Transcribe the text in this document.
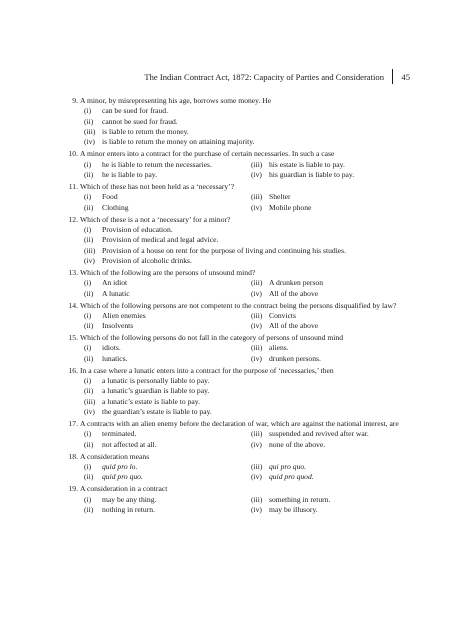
The Indian Contract Act, 1872: Capacity of Parties and Consideration 45
9. A minor, by misrepresenting his age, borrows some money. He
(i) can be sued for fraud.
(ii) cannot be sued for fraud.
(iii) is liable to return the money.
(iv) is liable to return the money on attaining majority.
10. A minor enters into a contract for the purchase of certain necessaries. In such a case
(i) he is liable to return the necessaries.	(iii) his estate is liable to pay.
(ii) he is liable to pay.	(iv) his guardian is liable to pay.
11. Which of these has not been held as a ‘necessary’?
(i) Food	(iii) Shelter
(ii) Clothing	(iv) Mobile phone
12. Which of these is a not a ‘necessary’ for a minor?
(i) Provision of education.
(ii) Provision of medical and legal advice.
(iii) Provision of a house on rent for the purpose of living and continuing his studies.
(iv) Provision of alcoholic drinks.
13. Which of the following are the persons of unsound mind?
(i) An idiot	(iii) A drunken person
(ii) A lunatic	(iv) All of the above
14. Which of the following persons are not competent to the contract being the persons disqualified by law?
(i) Alien enemies	(iii) Convicts
(ii) Insolvents	(iv) All of the above
15. Which of the following persons do not fall in the category of persons of unsound mind
(i) idiots.	(iii) aliens.
(ii) lunatics.	(iv) drunken persons.
16. In a case where a lunatic enters into a contract for the purpose of ‘necessaries,’ then
(i) a lunatic is personally liable to pay.
(ii) a lunatic’s guardian is liable to pay.
(iii) a lunatic’s estate is liable to pay.
(iv) the guardian’s estate is liable to pay.
17. A contracts with an alien enemy before the declaration of war, which are against the national interest, are
(i) terminated.	(iii) suspended and revived after war.
(ii) not affected at all.	(iv) none of the above.
18. A consideration means
(i) quid pro lo.	(iii) qui pro quo.
(ii) quid pro quo.	(iv) quid pro quod.
19. A consideration in a contract
(i) may be any thing.	(iii) something in return.
(ii) nothing in return.	(iv) may be illusory.
